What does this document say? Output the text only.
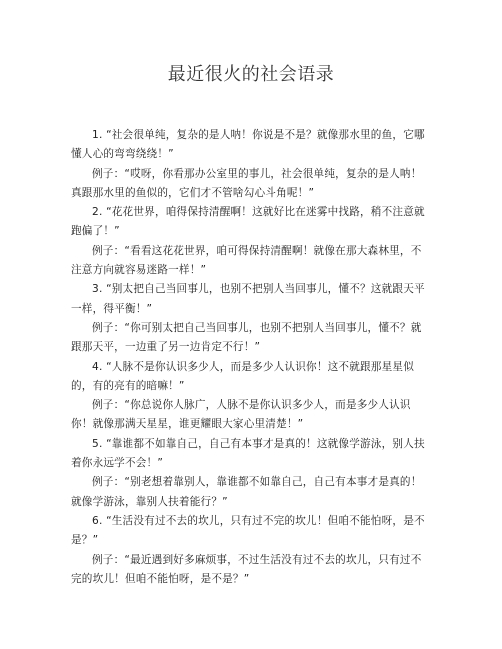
最近很火的社会语录

1. “社会很单纯，复杂的是人呐！你说是不是？就像那水里的鱼，它哪懂人心的弯弯绕绕！”

例子：“哎呀，你看那办公室里的事儿，社会很单纯，复杂的是人呐！真跟那水里的鱼似的，它们才不管啥勾心斗角呢！”

2. “花花世界，咱得保持清醒啊！这就好比在迷雾中找路，稍不注意就跑偏了！”

例子：“看看这花花世界，咱可得保持清醒啊！就像在那大森林里，不注意方向就容易迷路一样！”

3. “别太把自己当回事儿，也别不把别人当回事儿，懂不？这就跟天平一样，得平衡！”

例子：“你可别太把自己当回事儿，也别不把别人当回事儿，懂不？就跟那天平，一边重了另一边肯定不行！”

4. “人脉不是你认识多少人，而是多少人认识你！这不就跟那星星似的，有的亮有的暗嘛！”

例子：“你总说你人脉广，人脉不是你认识多少人，而是多少人认识你！就像那满天星星，谁更耀眼大家心里清楚！”

5. “靠谁都不如靠自己，自己有本事才是真的！这就像学游泳，别人扶着你永远学不会！”

例子：“别老想着靠别人，靠谁都不如靠自己，自己有本事才是真的！就像学游泳，靠别人扶着能行？”

6. “生活没有过不去的坎儿，只有过不完的坎儿！但咱不能怕呀，是不是？”

例子：“最近遇到好多麻烦事，不过生活没有过不去的坎儿，只有过不完的坎儿！但咱不能怕呀，是不是？”
